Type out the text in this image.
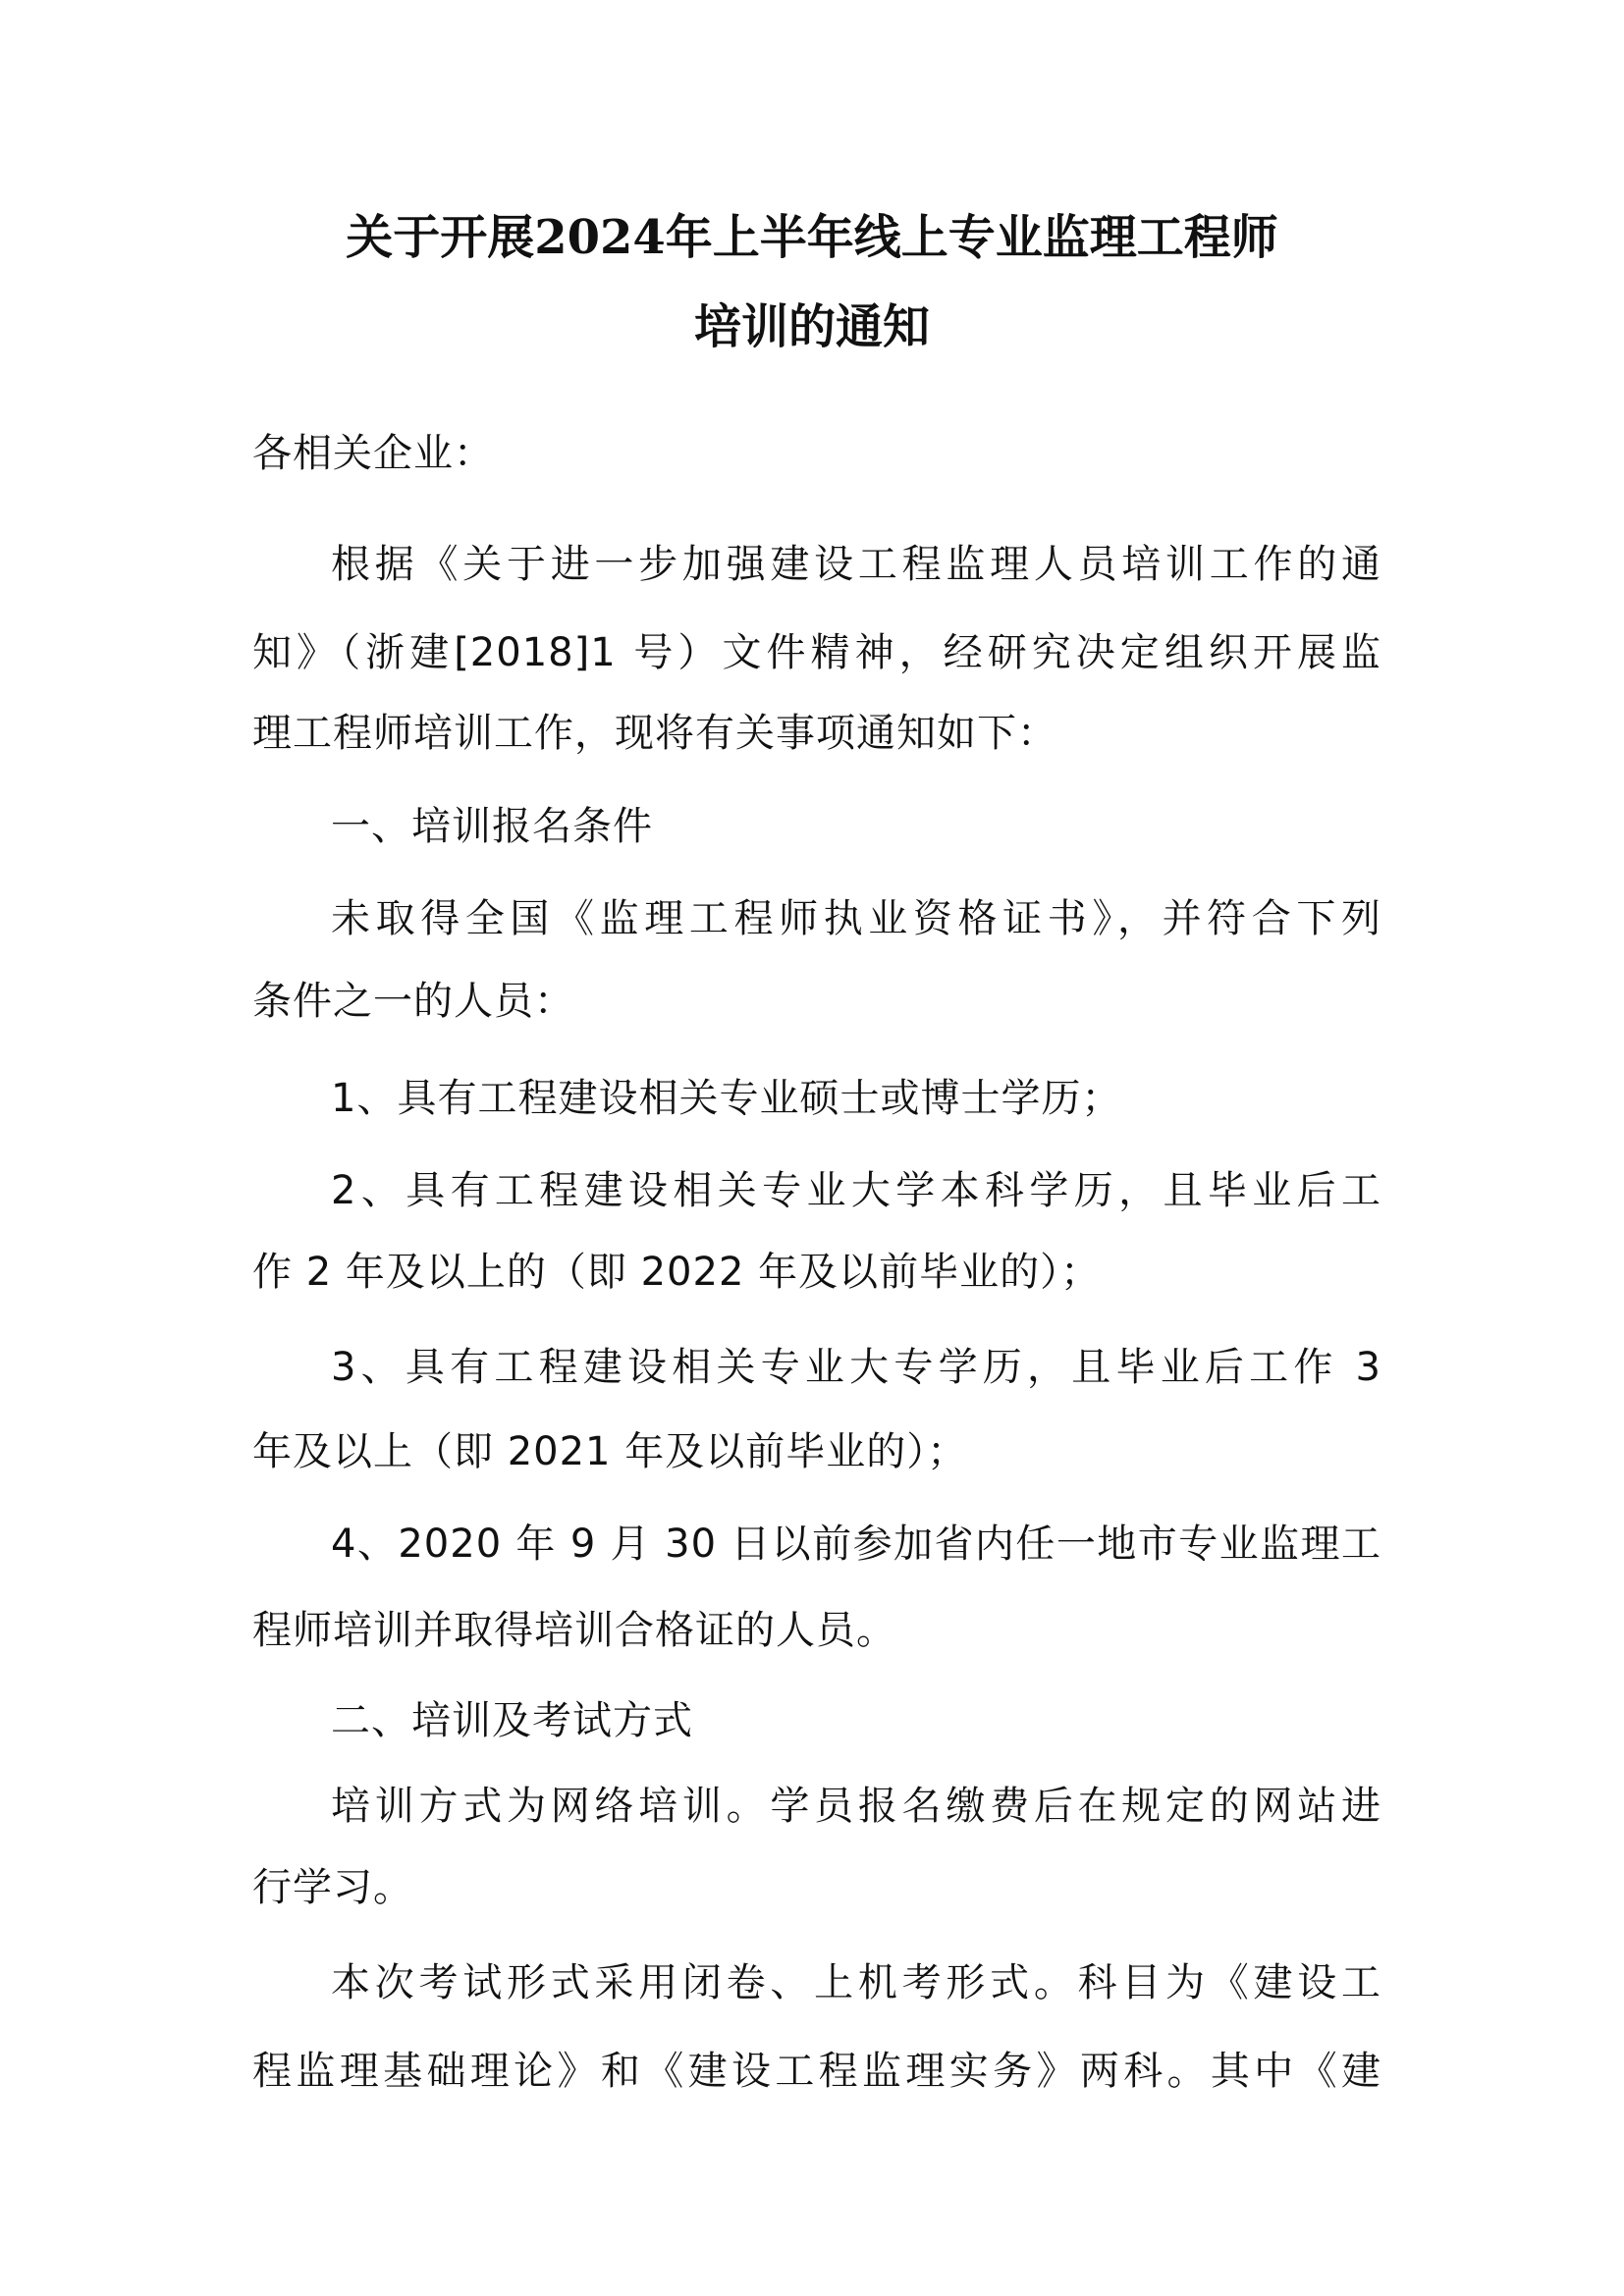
关于开展2024年上半年线上专业监理工程师
培训的通知
各相关企业：
根据《关于进一步加强建设工程监理人员培训工作的通
知》（浙建[2018]1 号）文件精神，经研究决定组织开展监
理工程师培训工作，现将有关事项通知如下：
一、培训报名条件
未取得全国《监理工程师执业资格证书》，并符合下列
条件之一的人员：
1、具有工程建设相关专业硕士或博士学历；
2、具有工程建设相关专业大学本科学历，且毕业后工
作 2 年及以上的（即 2022 年及以前毕业的）；
3、具有工程建设相关专业大专学历，且毕业后工作 3
年及以上（即 2021 年及以前毕业的）；
4、2020 年 9 月 30 日以前参加省内任一地市专业监理工
程师培训并取得培训合格证的人员。
二、培训及考试方式
培训方式为网络培训。学员报名缴费后在规定的网站进
行学习。
本次考试形式采用闭卷、上机考形式。科目为《建设工
程监理基础理论》和《建设工程监理实务》两科。其中《建
